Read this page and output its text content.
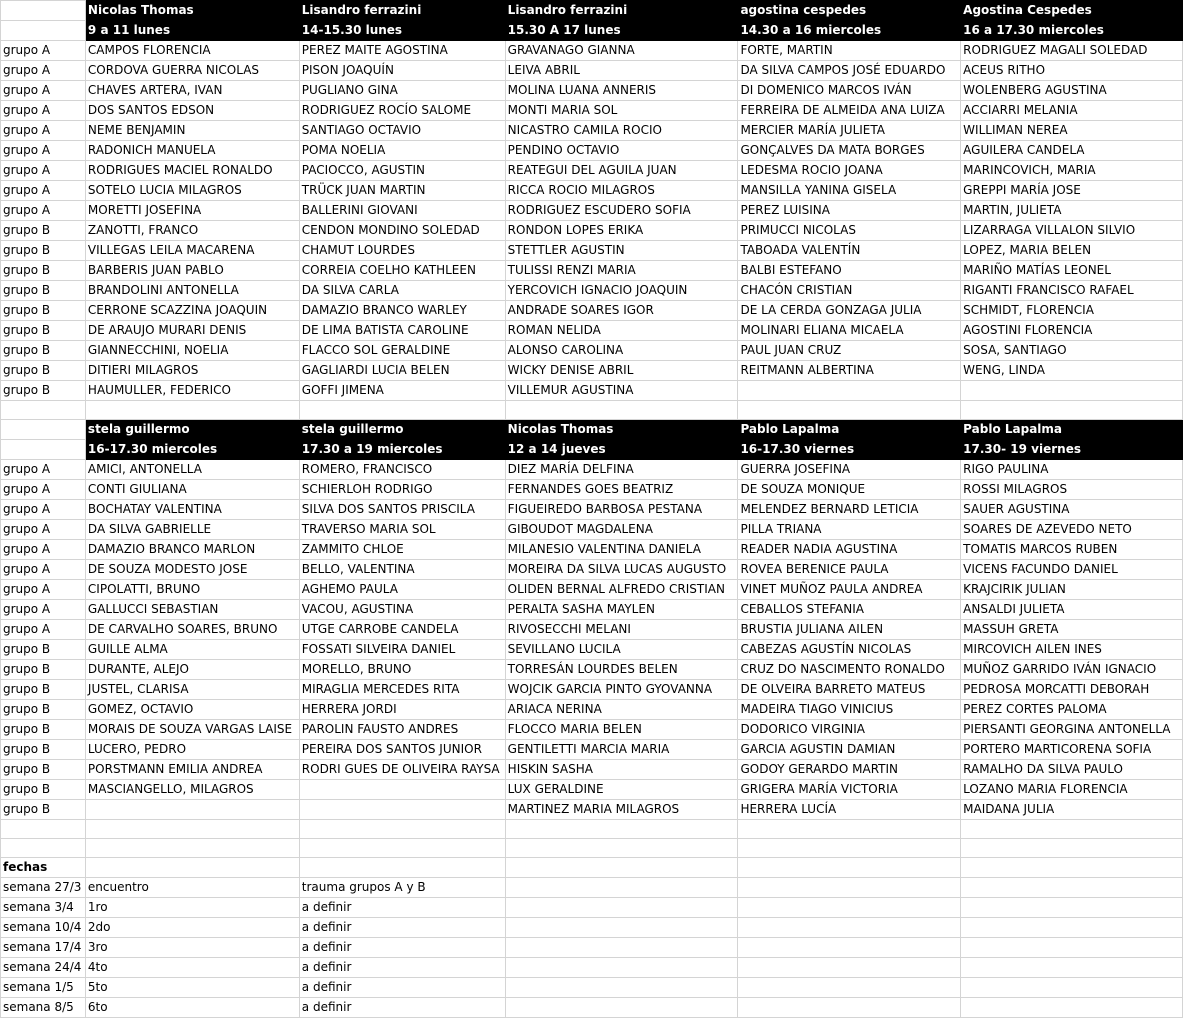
	Nicolas Thomas	Lisandro ferrazini	Lisandro ferrazini	agostina cespedes	Agostina Cespedes
	9 a 11 lunes	14-15.30 lunes	15.30 A 17 lunes	14.30 a 16 miercoles	16 a 17.30 miercoles
grupo A	CAMPOS FLORENCIA	PEREZ MAITE AGOSTINA	GRAVANAGO GIANNA	FORTE, MARTIN	RODRIGUEZ MAGALI SOLEDAD
grupo A	CORDOVA GUERRA NICOLAS	PISON JOAQUÍN	LEIVA ABRIL	DA SILVA CAMPOS JOSÉ EDUARDO	ACEUS RITHO
grupo A	CHAVES ARTERA, IVAN	PUGLIANO GINA	MOLINA LUANA ANNERIS	DI DOMENICO MARCOS IVÁN	WOLENBERG AGUSTINA
grupo A	DOS SANTOS EDSON	RODRIGUEZ ROCÍO SALOME	MONTI MARIA SOL	FERREIRA DE ALMEIDA ANA LUIZA	ACCIARRI MELANIA
grupo A	NEME BENJAMIN	SANTIAGO OCTAVIO	NICASTRO CAMILA ROCIO	MERCIER MARÍA JULIETA	WILLIMAN NEREA
grupo A	RADONICH MANUELA	POMA NOELIA	PENDINO OCTAVIO	GONÇALVES DA MATA BORGES	AGUILERA CANDELA
grupo A	RODRIGUES MACIEL RONALDO	PACIOCCO, AGUSTIN	REATEGUI DEL AGUILA JUAN	LEDESMA ROCIO JOANA	MARINCOVICH, MARIA
grupo A	SOTELO LUCIA MILAGROS	TRÜCK JUAN MARTIN	RICCA ROCIO MILAGROS	MANSILLA YANINA GISELA	GREPPI MARÍA JOSE
grupo A	MORETTI JOSEFINA	BALLERINI GIOVANI	RODRIGUEZ ESCUDERO SOFIA	PEREZ LUISINA	MARTIN, JULIETA
grupo B	ZANOTTI, FRANCO	CENDON MONDINO SOLEDAD	RONDON LOPES ERIKA	PRIMUCCI NICOLAS	LIZARRAGA VILLALON SILVIO
grupo B	VILLEGAS LEILA MACARENA	CHAMUT LOURDES	STETTLER AGUSTIN	TABOADA VALENTÍN	LOPEZ, MARIA BELEN
grupo B	BARBERIS JUAN PABLO	CORREIA COELHO KATHLEEN	TULISSI RENZI MARIA	BALBI ESTEFANO	MARIÑO MATÍAS LEONEL
grupo B	BRANDOLINI ANTONELLA	DA SILVA CARLA	YERCOVICH IGNACIO JOAQUIN	CHACÓN CRISTIAN	RIGANTI FRANCISCO RAFAEL
grupo B	CERRONE SCAZZINA JOAQUIN	DAMAZIO BRANCO WARLEY	ANDRADE SOARES IGOR	DE LA CERDA GONZAGA JULIA	SCHMIDT, FLORENCIA
grupo B	DE ARAUJO MURARI DENIS	DE LIMA BATISTA CAROLINE	ROMAN NELIDA	MOLINARI ELIANA MICAELA	AGOSTINI FLORENCIA
grupo B	GIANNECCHINI, NOELIA	FLACCO SOL GERALDINE	ALONSO CAROLINA	PAUL JUAN CRUZ	SOSA, SANTIAGO
grupo B	DITIERI MILAGROS	GAGLIARDI LUCIA BELEN	WICKY DENISE ABRIL	REITMANN ALBERTINA	WENG, LINDA
grupo B	HAUMULLER, FEDERICO	GOFFI JIMENA	VILLEMUR AGUSTINA		

	stela guillermo	stela guillermo	Nicolas Thomas	Pablo Lapalma	Pablo Lapalma
	16-17.30 miercoles	17.30 a 19 miercoles	12 a 14 jueves	16-17.30 viernes	17.30- 19 viernes
grupo A	AMICI, ANTONELLA	ROMERO, FRANCISCO	DIEZ MARÍA DELFINA	GUERRA JOSEFINA	RIGO PAULINA
grupo A	CONTI GIULIANA	SCHIERLOH RODRIGO	FERNANDES GOES BEATRIZ	DE SOUZA MONIQUE	ROSSI MILAGROS
grupo A	BOCHATAY VALENTINA	SILVA DOS SANTOS PRISCILA	FIGUEIREDO BARBOSA PESTANA	MELENDEZ BERNARD LETICIA	SAUER AGUSTINA
grupo A	DA SILVA GABRIELLE	TRAVERSO MARIA SOL	GIBOUDOT MAGDALENA	PILLA TRIANA	SOARES DE AZEVEDO NETO
grupo A	DAMAZIO BRANCO MARLON	ZAMMITO CHLOE	MILANESIO VALENTINA DANIELA	READER NADIA AGUSTINA	TOMATIS MARCOS RUBEN
grupo A	DE SOUZA MODESTO JOSE	BELLO, VALENTINA	MOREIRA DA SILVA LUCAS AUGUSTO	ROVEA BERENICE PAULA	VICENS FACUNDO DANIEL
grupo A	CIPOLATTI, BRUNO	AGHEMO PAULA	OLIDEN BERNAL ALFREDO CRISTIAN	VINET MUÑOZ PAULA ANDREA	KRAJCIRIK JULIAN
grupo A	GALLUCCI SEBASTIAN	VACOU, AGUSTINA	PERALTA SASHA MAYLEN	CEBALLOS STEFANIA	ANSALDI JULIETA
grupo A	DE CARVALHO SOARES, BRUNO	UTGE CARROBE CANDELA	RIVOSECCHI MELANI	BRUSTIA JULIANA AILEN	MASSUH GRETA
grupo B	GUILLE ALMA	FOSSATI SILVEIRA DANIEL	SEVILLANO LUCILA	CABEZAS AGUSTÍN NICOLAS	MIRCOVICH AILEN INES
grupo B	DURANTE, ALEJO	MORELLO, BRUNO	TORRESÁN LOURDES BELEN	CRUZ DO NASCIMENTO RONALDO	MUÑOZ GARRIDO IVÁN IGNACIO
grupo B	JUSTEL, CLARISA	MIRAGLIA MERCEDES RITA	WOJCIK GARCIA PINTO GYOVANNA	DE OLVEIRA BARRETO MATEUS	PEDROSA MORCATTI DEBORAH
grupo B	GOMEZ, OCTAVIO	HERRERA JORDI	ARIACA NERINA	MADEIRA TIAGO VINICIUS	PEREZ CORTES PALOMA
grupo B	MORAIS DE SOUZA VARGAS LAISE	PAROLIN FAUSTO ANDRES	FLOCCO MARIA BELEN	DODORICO VIRGINIA	PIERSANTI GEORGINA ANTONELLA
grupo B	LUCERO, PEDRO	PEREIRA DOS SANTOS JUNIOR	GENTILETTI MARCIA MARIA	GARCIA AGUSTIN DAMIAN	PORTERO MARTICORENA SOFIA
grupo B	PORSTMANN EMILIA ANDREA	RODRI GUES DE OLIVEIRA RAYSA	HISKIN SASHA	GODOY GERARDO MARTIN	RAMALHO DA SILVA PAULO
grupo B	MASCIANGELLO, MILAGROS		LUX GERALDINE	GRIGERA MARÍA VICTORIA	LOZANO MARIA FLORENCIA
grupo B			MARTINEZ MARIA MILAGROS	HERRERA LUCÍA	MAIDANA JULIA

fechas					
semana 27/3	encuentro	trauma grupos A y B			
semana 3/4	1ro	a definir			
semana 10/4	2do	a definir			
semana 17/4	3ro	a definir			
semana 24/4	4to	a definir			
semana 1/5	5to	a definir			
semana 8/5	6to	a definir			
